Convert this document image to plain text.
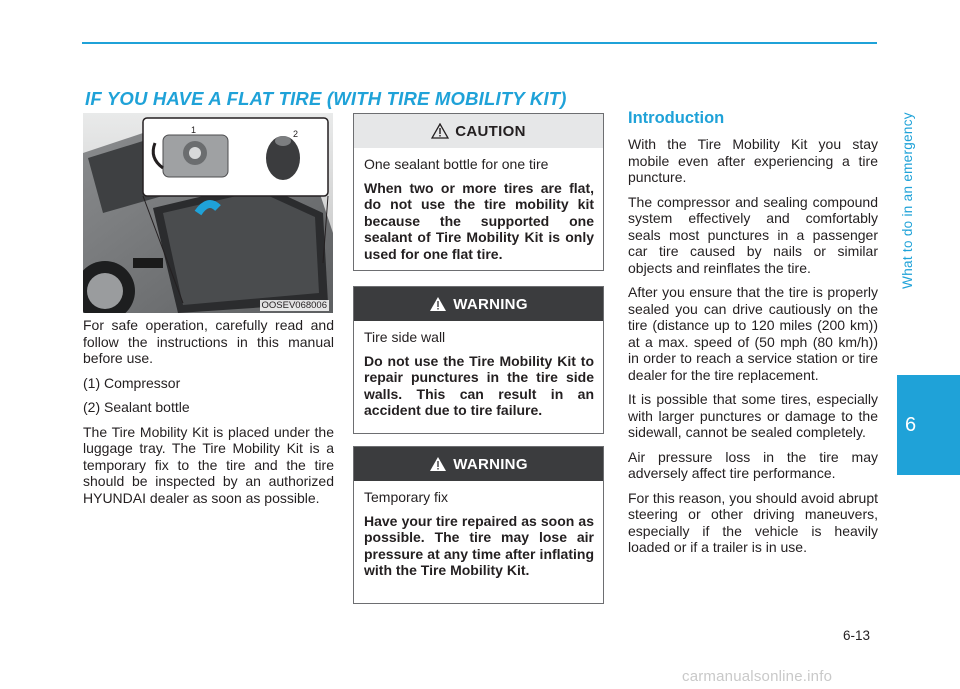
IF YOU HAVE A FLAT TIRE (WITH TIRE MOBILITY KIT)
1	2
OOSEV068006

For safe operation, carefully read and follow the instructions in this manual before use.

(1) Compressor

(2) Sealant bottle

The Tire Mobility Kit is placed under the luggage tray. The Tire Mobility Kit is a temporary fix to the tire and the tire should be inspected by an authorized HYUNDAI dealer as soon as possible.

CAUTION

One sealant bottle for one tire

When two or more tires are flat, do not use the tire mobility kit because the supported one sealant of Tire Mobility Kit is only used for one flat tire.

WARNING

Tire side wall

Do not use the Tire Mobility Kit to repair punctures in the tire side walls. This can result in an accident due to tire failure.

WARNING

Temporary fix

Have your tire repaired as soon as possible. The tire may lose air pressure at any time after inflating with the Tire Mobility Kit.

Introduction

With the Tire Mobility Kit you stay mobile even after experiencing a tire puncture.

The compressor and sealing compound system effectively and comfortably seals most punctures in a passenger car tire caused by nails or similar objects and reinflates the tire.

After you ensure that the tire is properly sealed you can drive cautiously on the tire (distance up to 120 miles (200 km)) at a max. speed of (50 mph (80 km/h)) in order to reach a service station or tire dealer for the tire replacement.

It is possible that some tires, especially with larger punctures or damage to the sidewall, cannot be sealed completely.

Air pressure loss in the tire may adversely affect tire performance.

For this reason, you should avoid abrupt steering or other driving maneuvers, especially if the vehicle is heavily loaded or if a trailer is in use.

What to do in an emergency
6
6-13
carmanualsonline.info
